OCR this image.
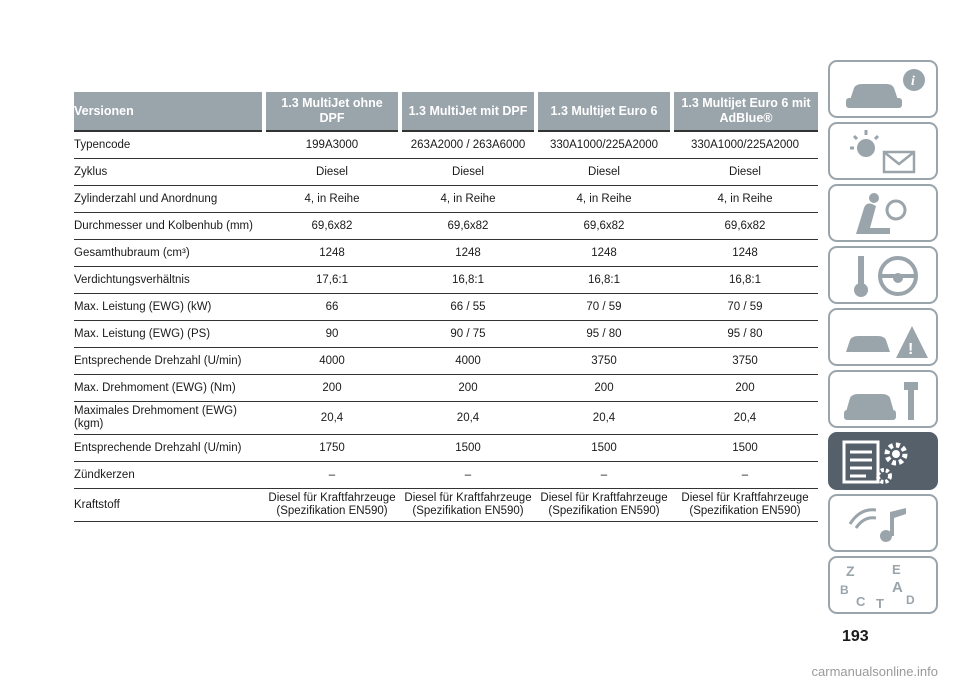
Versionen	1.3 MultiJet ohne DPF	1.3 MultiJet mit DPF	1.3 Multijet Euro 6	1.3 Multijet Euro 6 mit AdBlue®
Typencode	199A3000	263A2000 / 263A6000	330A1000/225A2000	330A1000/225A2000
Zyklus	Diesel	Diesel	Diesel	Diesel
Zylinderzahl und Anordnung	4, in Reihe	4, in Reihe	4, in Reihe	4, in Reihe
Durchmesser und Kolbenhub (mm)	69,6x82	69,6x82	69,6x82	69,6x82
Gesamthubraum (cm³)	1248	1248	1248	1248
Verdichtungsverhältnis	17,6:1	16,8:1	16,8:1	16,8:1
Max. Leistung (EWG) (kW)	66	66 / 55	70 / 59	70 / 59
Max. Leistung (EWG) (PS)	90	90 / 75	95 / 80	95 / 80
Entsprechende Drehzahl (U/min)	4000	4000	3750	3750
Max. Drehmoment (EWG) (Nm)	200	200	200	200
Maximales Drehmoment (EWG) (kgm)	20,4	20,4	20,4	20,4
Entsprechende Drehzahl (U/min)	1750	1500	1500	1500
Zündkerzen	–	–	–	–
Kraftstoff	Diesel für Kraftfahrzeuge (Spezifikation EN590)	Diesel für Kraftfahrzeuge (Spezifikation EN590)	Diesel für Kraftfahrzeuge (Spezifikation EN590)	Diesel für Kraftfahrzeuge (Spezifikation EN590)
i
!
Z	E
B	A
C	D
T
193
carmanualsonline.info
